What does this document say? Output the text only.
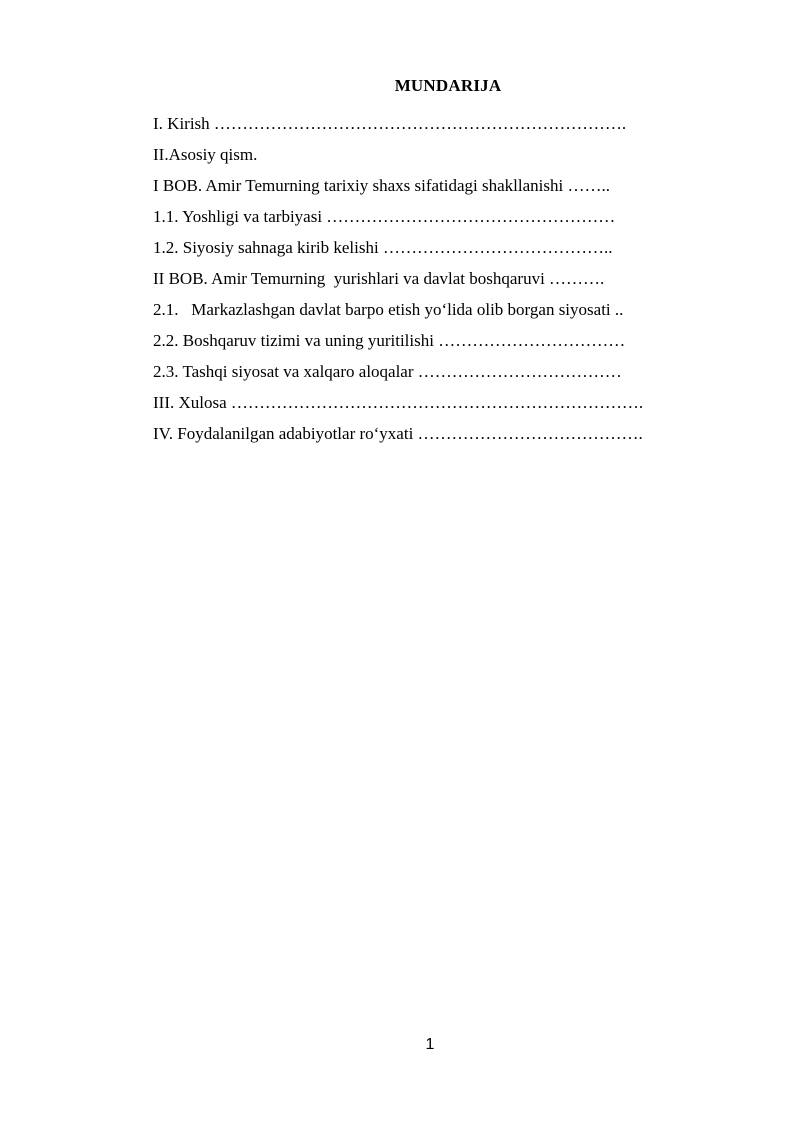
MUNDARIJA
I. Kirish ……………………………………………………………….
II.Asosiy qism.
I BOB. Amir Temurning tarixiy shaxs sifatidagi shakllanishi ……..
1.1. Yoshligi va tarbiyasi ……………………………………………
1.2. Siyosiy sahnaga kirib kelishi …………………………………..
II BOB. Amir Temurning  yurishlari va davlat boshqaruvi ……….
2.1.   Markazlashgan davlat barpo etish yo‘lida olib borgan siyosati ..
2.2. Boshqaruv tizimi va uning yuritilishi ……………………………
2.3. Tashqi siyosat va xalqaro aloqalar ………………………………
III. Xulosa ……………………………………………………………….
IV. Foydalanilgan adabiyotlar ro‘yxati ………………………………….
1
